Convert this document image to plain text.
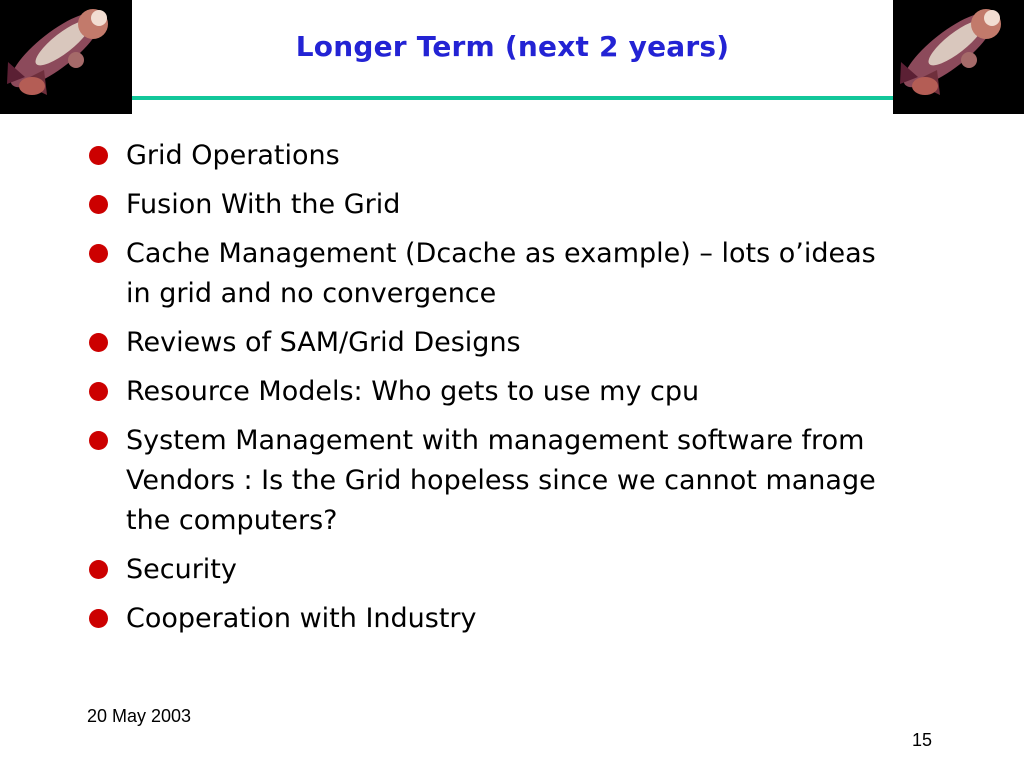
Longer Term (next 2 years)
Grid Operations
Fusion With the Grid
Cache Management (Dcache as example) – lots o’ideas in grid and no convergence
Reviews of SAM/Grid Designs
Resource Models: Who gets to use my cpu
System Management with management software from Vendors : Is the Grid hopeless since we cannot manage the computers?
Security
Cooperation with Industry
20 May 2003
15
